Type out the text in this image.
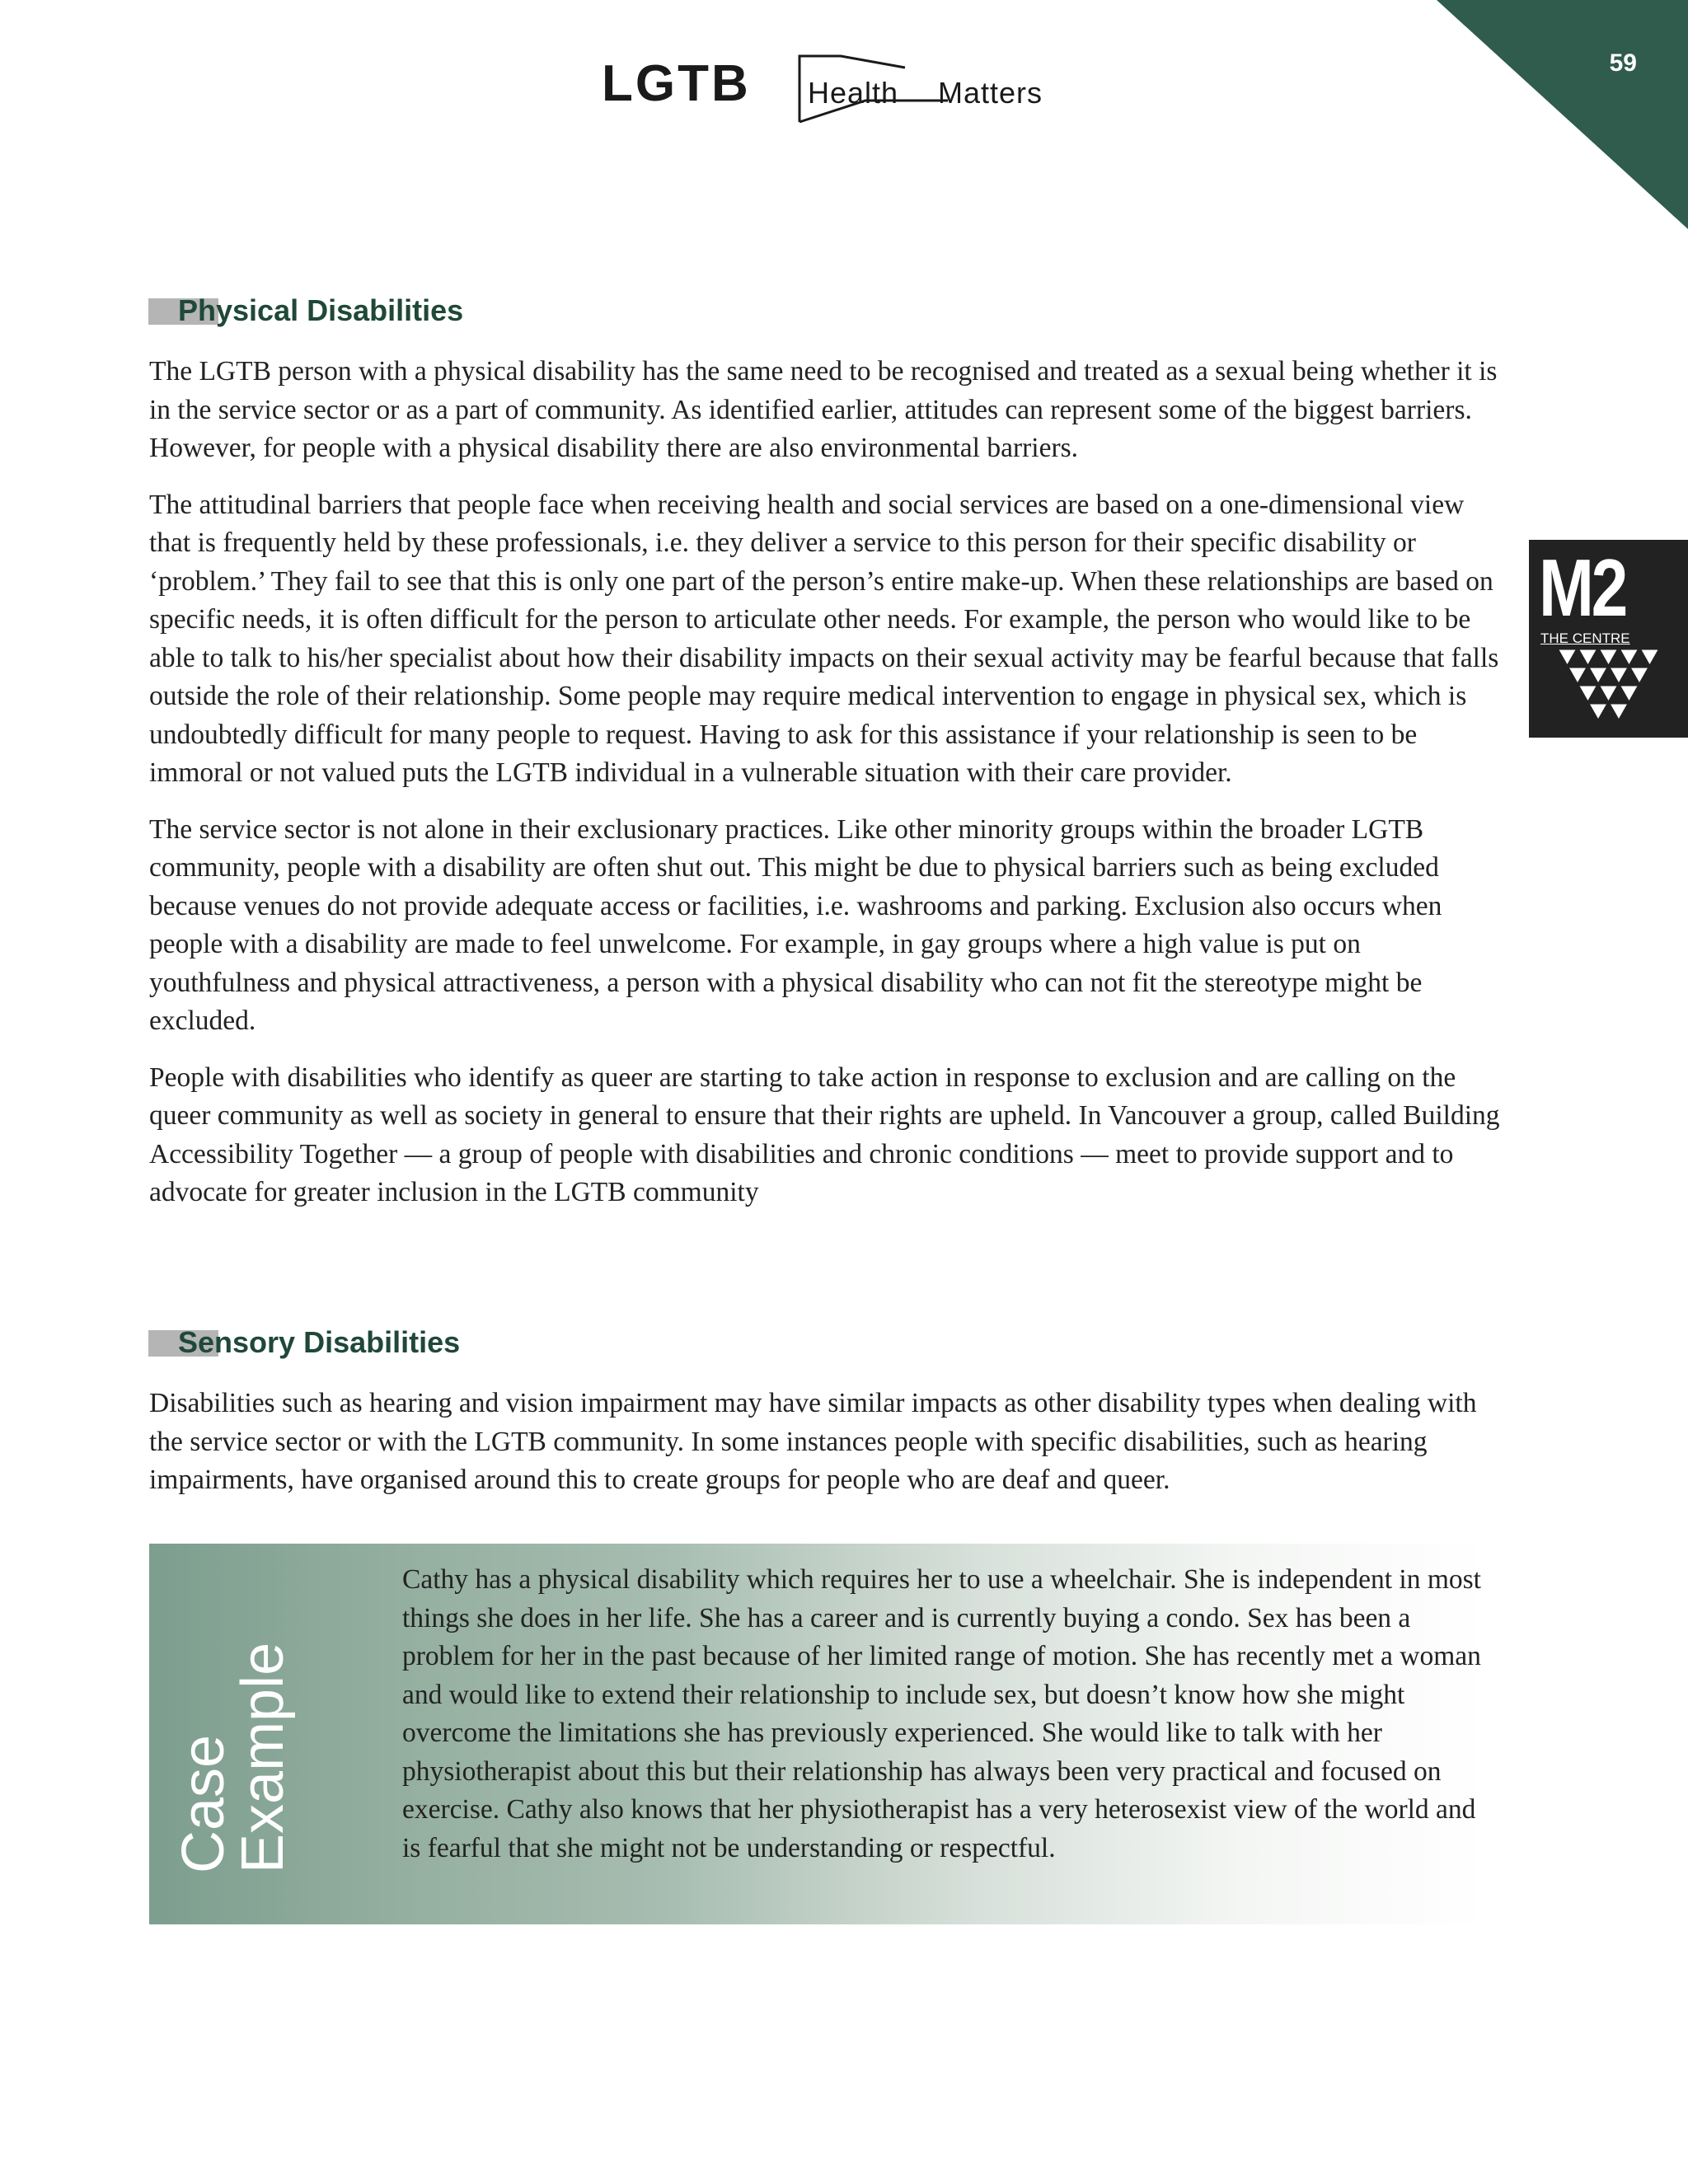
59
LGTB Health Matters
M2
THE CENTRE
Physical Disabilities

The LGTB person with a physical disability has the same need to be recognised and treated as a sexual being whether it is in the service sector or as a part of community. As identified earlier, attitudes can represent some of the biggest barriers. However, for people with a physical disability there are also environmental barriers.

The attitudinal barriers that people face when receiving health and social services are based on a one-dimensional view that is frequently held by these professionals, i.e. they deliver a service to this person for their specific disability or ‘problem.’ They fail to see that this is only one part of the person’s entire make-up. When these relationships are based on specific needs, it is often difficult for the person to articulate other needs. For example, the person who would like to be able to talk to his/her specialist about how their disability impacts on their sexual activity may be fearful because that falls outside the role of their relationship. Some people may require medical intervention to engage in physical sex, which is undoubtedly difficult for many people to request. Having to ask for this assistance if your relationship is seen to be immoral or not valued puts the LGTB individual in a vulnerable situation with their care provider.

The service sector is not alone in their exclusionary practices. Like other minority groups within the broader LGTB community, people with a disability are often shut out. This might be due to physical barriers such as being excluded because venues do not provide adequate access or facilities, i.e. washrooms and parking. Exclusion also occurs when people with a disability are made to feel unwelcome. For example, in gay groups where a high value is put on youthfulness and physical attractiveness, a person with a physical disability who can not fit the stereotype might be excluded.

People with disabilities who identify as queer are starting to take action in response to exclusion and are calling on the queer community as well as society in general to ensure that their rights are upheld. In Vancouver a group, called Building Accessibility Together — a group of people with disabilities and chronic conditions — meet to provide support and to advocate for greater inclusion in the LGTB community

Sensory Disabilities

Disabilities such as hearing and vision impairment may have similar impacts as other disability types when dealing with the service sector or with the LGTB community. In some instances people with specific disabilities, such as hearing impairments, have organised around this to create groups for people who are deaf and queer.

Case
Example

Cathy has a physical disability which requires her to use a wheelchair. She is independent in most things she does in her life. She has a career and is currently buying a condo. Sex has been a problem for her in the past because of her limited range of motion. She has recently met a woman and would like to extend their relationship to include sex, but doesn’t know how she might overcome the limitations she has previously experienced. She would like to talk with her physiotherapist about this but their relationship has always been very practical and focused on exercise. Cathy also knows that her physiotherapist has a very heterosexist view of the world and is fearful that she might not be understanding or respectful.
